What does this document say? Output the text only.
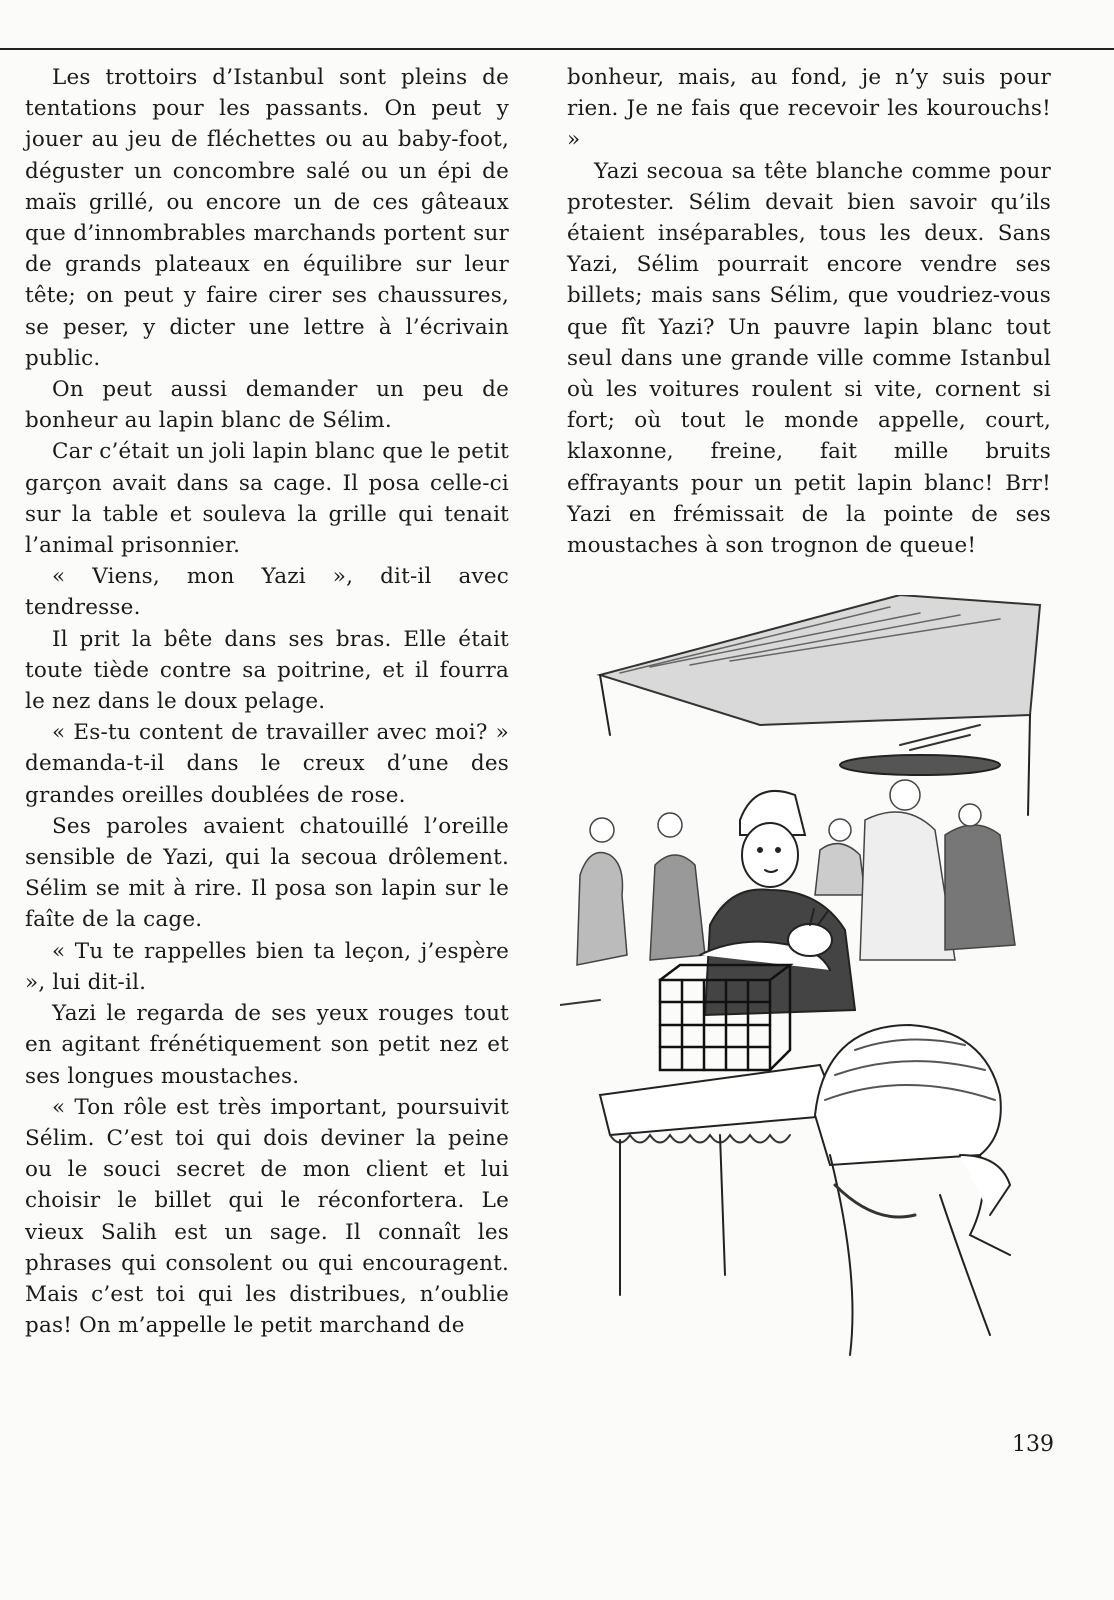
Les trottoirs d’Istanbul sont pleins de tentations pour les passants. On peut y jouer au jeu de fléchettes ou au baby-foot, déguster un concombre salé ou un épi de maïs grillé, ou encore un de ces gâteaux que d’innombrables marchands portent sur de grands plateaux en équilibre sur leur tête; on peut y faire cirer ses chaussures, se peser, y dicter une lettre à l’écrivain public.

On peut aussi demander un peu de bonheur au lapin blanc de Sélim.

Car c’était un joli lapin blanc que le petit garçon avait dans sa cage. Il posa celle-ci sur la table et souleva la grille qui tenait l’animal prisonnier.

« Viens, mon Yazi », dit-il avec tendresse.

Il prit la bête dans ses bras. Elle était toute tiède contre sa poitrine, et il fourra le nez dans le doux pelage.

« Es-tu content de travailler avec moi? » demanda-t-il dans le creux d’une des grandes oreilles doublées de rose.

Ses paroles avaient chatouillé l’oreille sensible de Yazi, qui la secoua drôlement. Sélim se mit à rire. Il posa son lapin sur le faîte de la cage.

« Tu te rappelles bien ta leçon, j’espère », lui dit-il.

Yazi le regarda de ses yeux rouges tout en agitant frénétiquement son petit nez et ses longues moustaches.

« Ton rôle est très important, poursuivit Sélim. C’est toi qui dois deviner la peine ou le souci secret de mon client et lui choisir le billet qui le réconfortera. Le vieux Salih est un sage. Il connaît les phrases qui consolent ou qui encouragent. Mais c’est toi qui les distribues, n’oublie pas! On m’appelle le petit marchand de

bonheur, mais, au fond, je n’y suis pour rien. Je ne fais que recevoir les kourouchs! »

Yazi secoua sa tête blanche comme pour protester. Sélim devait bien savoir qu’ils étaient inséparables, tous les deux. Sans Yazi, Sélim pourrait encore vendre ses billets; mais sans Sélim, que voudriez-vous que fît Yazi? Un pauvre lapin blanc tout seul dans une grande ville comme Istanbul où les voitures roulent si vite, cornent si fort; où tout le monde appelle, court, klaxonne, freine, fait mille bruits effrayants pour un petit lapin blanc! Brr! Yazi en frémissait de la pointe de ses moustaches à son trognon de queue!

139
